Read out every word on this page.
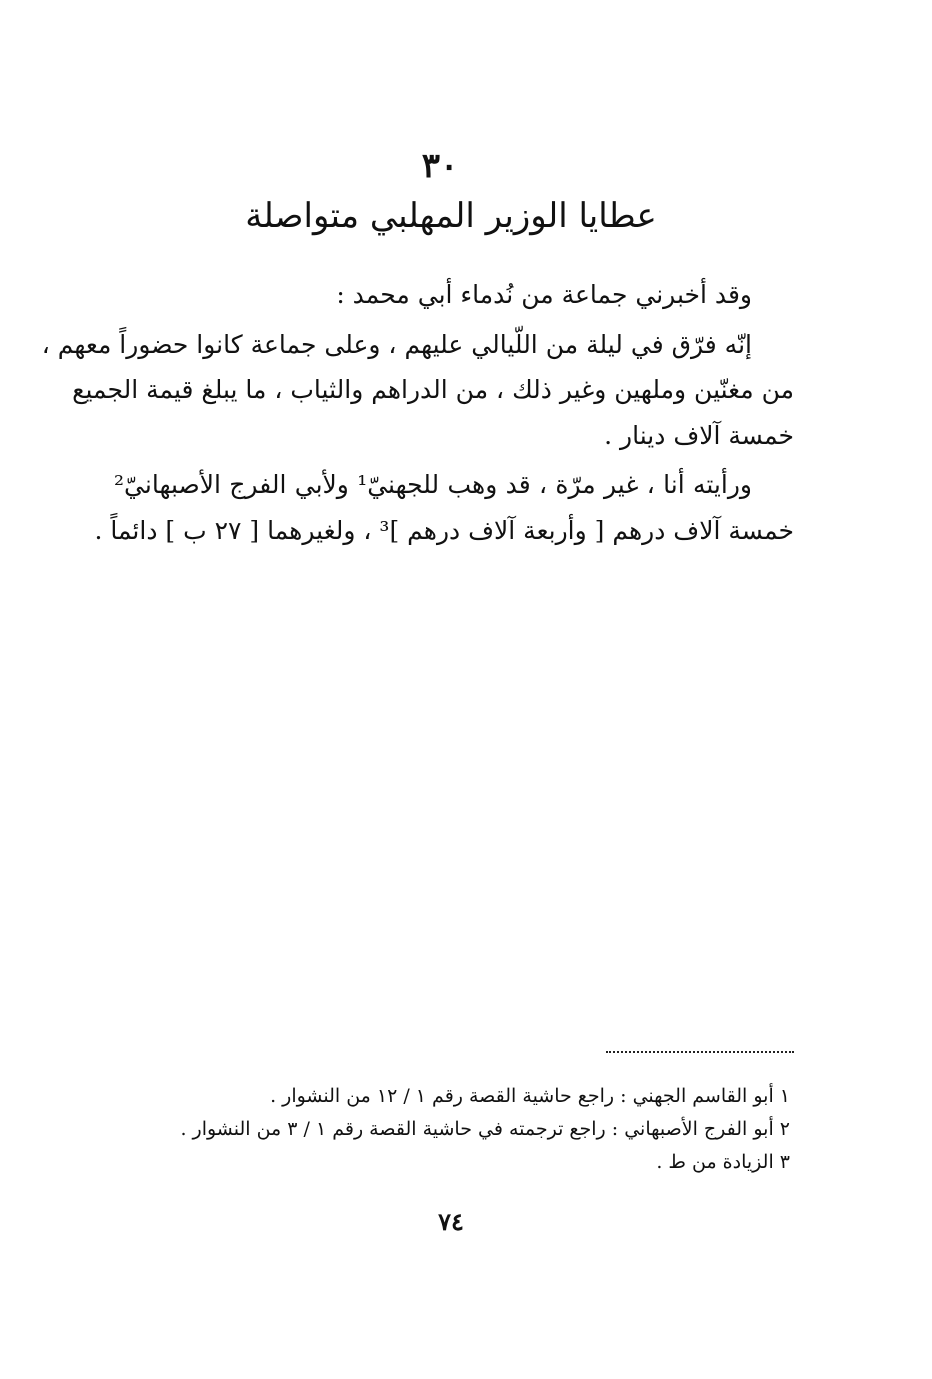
٣٠
عطايا الوزير المهلبي متواصلة

وقد أخبرني جماعة من نُدماء أبي محمد :

إنّه فرّق في ليلة من اللّيالي عليهم ، وعلى جماعة كانوا حضوراً معهم ،
من مغنّين وملهين وغير ذلك ، من الدراهم والثياب ، ما يبلغ قيمة الجميع
خمسة آلاف دينار .

ورأيته أنا ، غير مرّة ، قد وهب للجهنيّ¹ ولأبي الفرج الأصبهانيّ²
خمسة آلاف درهم [ وأربعة آلاف درهم ]³ ، ولغيرهما [ ٢٧ ب ] دائماً .

١ أبو القاسم الجهني : راجع حاشية القصة رقم ١ / ١٢ من النشوار .
٢ أبو الفرج الأصبهاني : راجع ترجمته في حاشية القصة رقم ١ / ٣ من النشوار .
٣ الزيادة من ط .
٧٤
